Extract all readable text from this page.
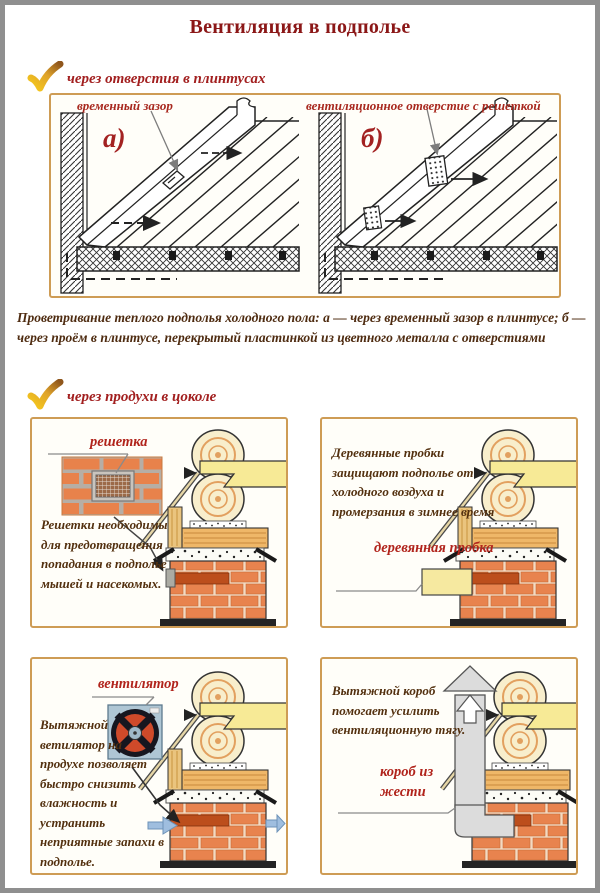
Вентиляция в подполье
через отверстия в плинтусах
временный зазор	вентиляционное отверстие с решеткой
а)	б)
Проветривание теплого подполья холодного пола: а — через временный зазор в плинтусе; б — через проём в плинтусе, перекрытый пластинкой из цветного металла с отверстиями
через продухи в цоколе
решетка
Решетки необходимы для предотвращения попадания в подполье мышей и насекомых.
Деревянные пробки защищают подполье от холодного воздуха и промерзания в зимнее время
деревянная пробка
вентилятор
Вытяжной ветилятор на продухе позволяет быстро снизить влажность и устранить неприятные запахи в подполье.
Вытяжной короб помогает усилить вентиляционную тягу.
короб из жести
